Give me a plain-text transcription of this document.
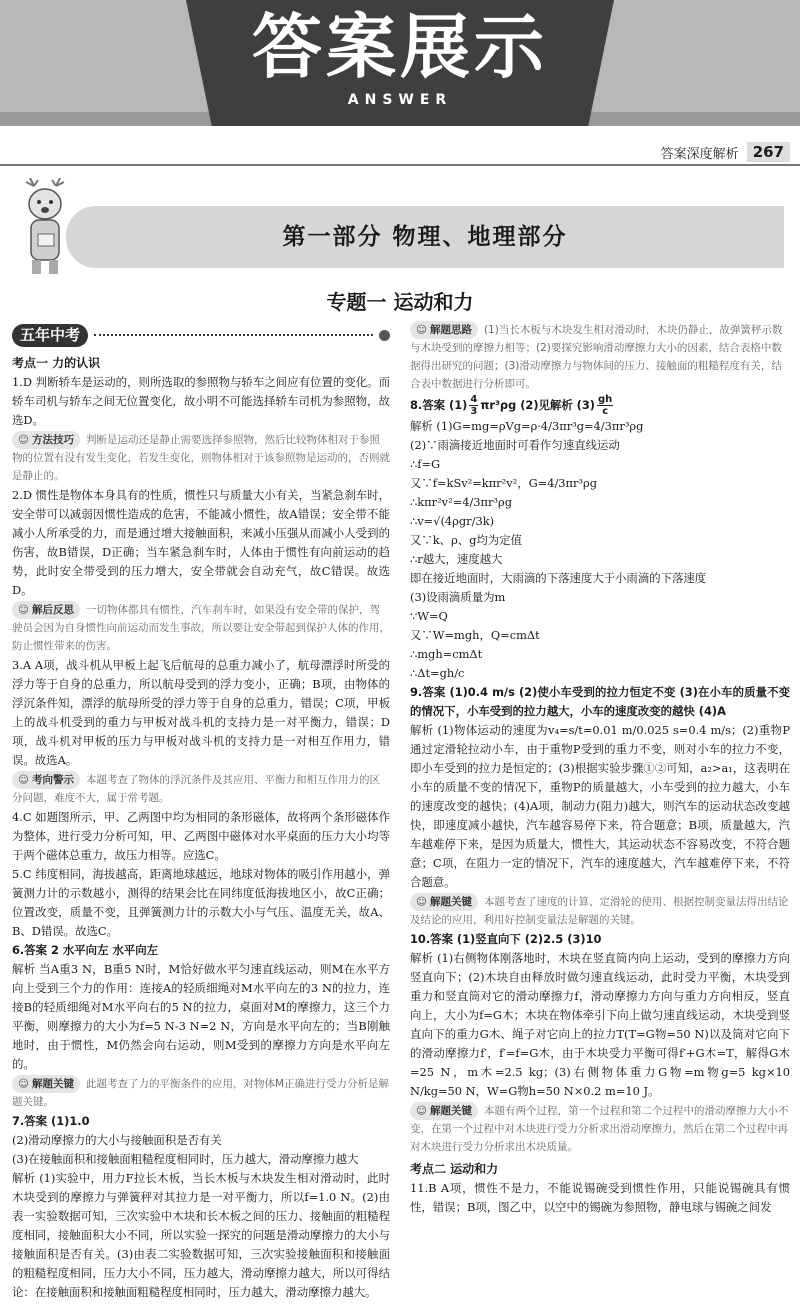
答案展示
ANSWER
答案深度解析 267
第一部分 物理、地理部分
专题一 运动和力
五年中考
考点一 力的认识
1.D 判断轿车是运动的，则所选取的参照物与轿车之间应有位置的变化。而轿车司机与轿车之间无位置变化，故小明不可能选择轿车司机为参照物，故选D。
☺ 方法技巧 判断是运动还是静止需要选择参照物，然后比较物体相对于参照物的位置有没有发生变化，若发生变化，则物体相对于该参照物是运动的，否则就是静止的。
2.D 惯性是物体本身具有的性质，惯性只与质量大小有关，当紧急刹车时，安全带可以减弱因惯性造成的危害，不能减小惯性，故A错误；安全带不能减小人所承受的力，而是通过增大接触面积，来减小压强从而减小人受到的伤害，故B错误，D正确；当车紧急刹车时，人体由于惯性有向前运动的趋势，此时安全带受到的压力增大，安全带就会自动充气，故C错误。故选D。
☺ 解后反思 一切物体都具有惯性，汽车刹车时，如果没有安全带的保护，驾驶员会因为自身惯性向前运动而发生事故，所以要让安全带起到保护人体的作用，防止惯性带来的伤害。
3.A A项，战斗机从甲板上起飞后航母的总重力减小了，航母漂浮时所受的浮力等于自身的总重力，所以航母受到的浮力变小，正确；B项，由物体的浮沉条件知，漂浮的航母所受的浮力等于自身的总重力，错误；C项，甲板上的战斗机受到的重力与甲板对战斗机的支持力是一对平衡力，错误；D项，战斗机对甲板的压力与甲板对战斗机的支持力是一对相互作用力，错误。故选A。
☺ 考向警示 本题考查了物体的浮沉条件及其应用、平衡力和相互作用力的区分问题，难度不大，属于常考题。
4.C 如题图所示，甲、乙两图中均为相同的条形磁体，故将两个条形磁体作为整体，进行受力分析可知，甲、乙两图中磁体对水平桌面的压力大小均等于两个磁体总重力，故压力相等。应选C。
5.C 纬度相同，海拔越高，距离地球越远，地球对物体的吸引作用越小，弹簧测力计的示数越小，测得的结果会比在同纬度低海拔地区小，故C正确；位置改变，质量不变，且弹簧测力计的示数大小与气压、温度无关，故A、B、D错误。故选C。
6.答案 2 水平向左 水平向左
解析 当A重3 N，B重5 N时，M恰好做水平匀速直线运动，则M在水平方向上受到三个力的作用：连接A的轻质细绳对M水平向左的3 N的拉力，连接B的轻质细绳对M水平向右的5 N的拉力，桌面对M的摩擦力，这三个力平衡，则摩擦力的大小为f=5 N-3 N=2 N，方向是水平向左的；当B刚触地时，由于惯性，M仍然会向右运动，则M受到的摩擦力方向是水平向左的。
☺ 解题关键 此题考查了力的平衡条件的应用，对物体M正确进行受力分析是解题关键。
7.答案 (1)1.0
(2)滑动摩擦力的大小与接触面积是否有关
(3)在接触面积和接触面粗糙程度相同时，压力越大，滑动摩擦力越大
解析 (1)实验中，用力F拉长木板，当长木板与木块发生相对滑动时，此时木块受到的摩擦力与弹簧秤对其拉力是一对平衡力，所以f=1.0 N。(2)由表一实验数据可知，三次实验中木块和长木板之间的压力、接触面的粗糙程度相同，接触面积大小不同，所以实验一探究的问题是滑动摩擦力的大小与接触面积是否有关。(3)由表二实验数据可知，三次实验接触面积和接触面的粗糙程度相同，压力大小不同，压力越大，滑动摩擦力越大，所以可得结论：在接触面积和接触面粗糙程度相同时，压力越大，滑动摩擦力越大。
☺ 解题思路 (1)当长木板与木块发生相对滑动时，木块仍静止，故弹簧秤示数与木块受到的摩擦力相等；(2)要探究影响滑动摩擦力大小的因素，结合表格中数据得出研究的问题；(3)滑动摩擦力与物体间的压力、接触面的粗糙程度有关，结合表中数据进行分析即可。
8.答案 $(1) \frac{4}{3} \pi r^3\rho g$ (2)见解析 $(3) \frac{gh}{c}$
解析 (1)G=mg=ρVg=ρ·4/3πr³g=4/3πr³ρg
(2)∵雨滴接近地面时可看作匀速直线运动
∴f=G
又∵f=kSv²=kπr²v²，G=4/3πr³ρg
∴kπr²v²=4/3πr³ρg
∴v=√(4ρgr/3k)
又∵k、ρ、g均为定值
∴r越大，速度越大
即在接近地面时，大雨滴的下落速度大于小雨滴的下落速度
(3)设雨滴质量为m
∵W=Q
又∵W=mgh，Q=cmΔt
∴mgh=cmΔt
∴Δt=gh/c
9.答案 (1)0.4 m/s (2)使小车受到的拉力恒定不变 (3)在小车的质量不变的情况下，小车受到的拉力越大，小车的速度改变的越快 (4)A
解析 (1)物体运动的速度为v₄=s/t=0.01 m/0.025 s=0.4 m/s；(2)重物P通过定滑轮拉动小车，由于重物P受到的重力不变，则对小车的拉力不变，即小车受到的拉力是恒定的；(3)根据实验步骤①②可知，a₂>a₁，这表明在小车的质量不变的情况下，重物P的质量越大，小车受到的拉力越大，小车的速度改变的越快；(4)A项，制动力(阻力)越大，则汽车的运动状态改变越快，即速度减小越快，汽车越容易停下来，符合题意；B项，质量越大，汽车越难停下来，是因为质量大，惯性大，其运动状态不容易改变，不符合题意；C项，在阻力一定的情况下，汽车的速度越大，汽车越难停下来，不符合题意。
☺ 解题关键 本题考查了速度的计算、定滑轮的使用、根据控制变量法得出结论及结论的应用，利用好控制变量法是解题的关键。
10.答案 (1)竖直向下 (2)2.5 (3)10
解析 (1)右侧物体刚落地时，木块在竖直筒内向上运动，受到的摩擦力方向竖直向下；(2)木块自由释放时做匀速直线运动，此时受力平衡，木块受到重力和竖直筒对它的滑动摩擦力f，滑动摩擦力方向与重力方向相反，竖直向上，大小为f=G木；木块在物体牵引下向上做匀速直线运动，木块受到竖直向下的重力G木、绳子对它向上的拉力T(T=G物=50 N)以及筒对它向下的滑动摩擦力f′，f′=f=G木，由于木块受力平衡可得f′+G木=T，解得G木=25 N，m木=2.5 kg；(3)右侧物体重力G物=m物g=5 kg×10 N/kg=50 N，W=G物h=50 N×0.2 m=10 J。
☺ 解题关键 本题有两个过程，第一个过程和第二个过程中的滑动摩擦力大小不变，在第一个过程中对木块进行受力分析求出滑动摩擦力，然后在第二个过程中再对木块进行受力分析求出木块质量。
考点二 运动和力
11.B A项，惯性不是力，不能说锡碗受到惯性作用，只能说锡碗具有惯性，错误；B项，图乙中，以空中的锡碗为参照物，静电球与锡碗之间发
